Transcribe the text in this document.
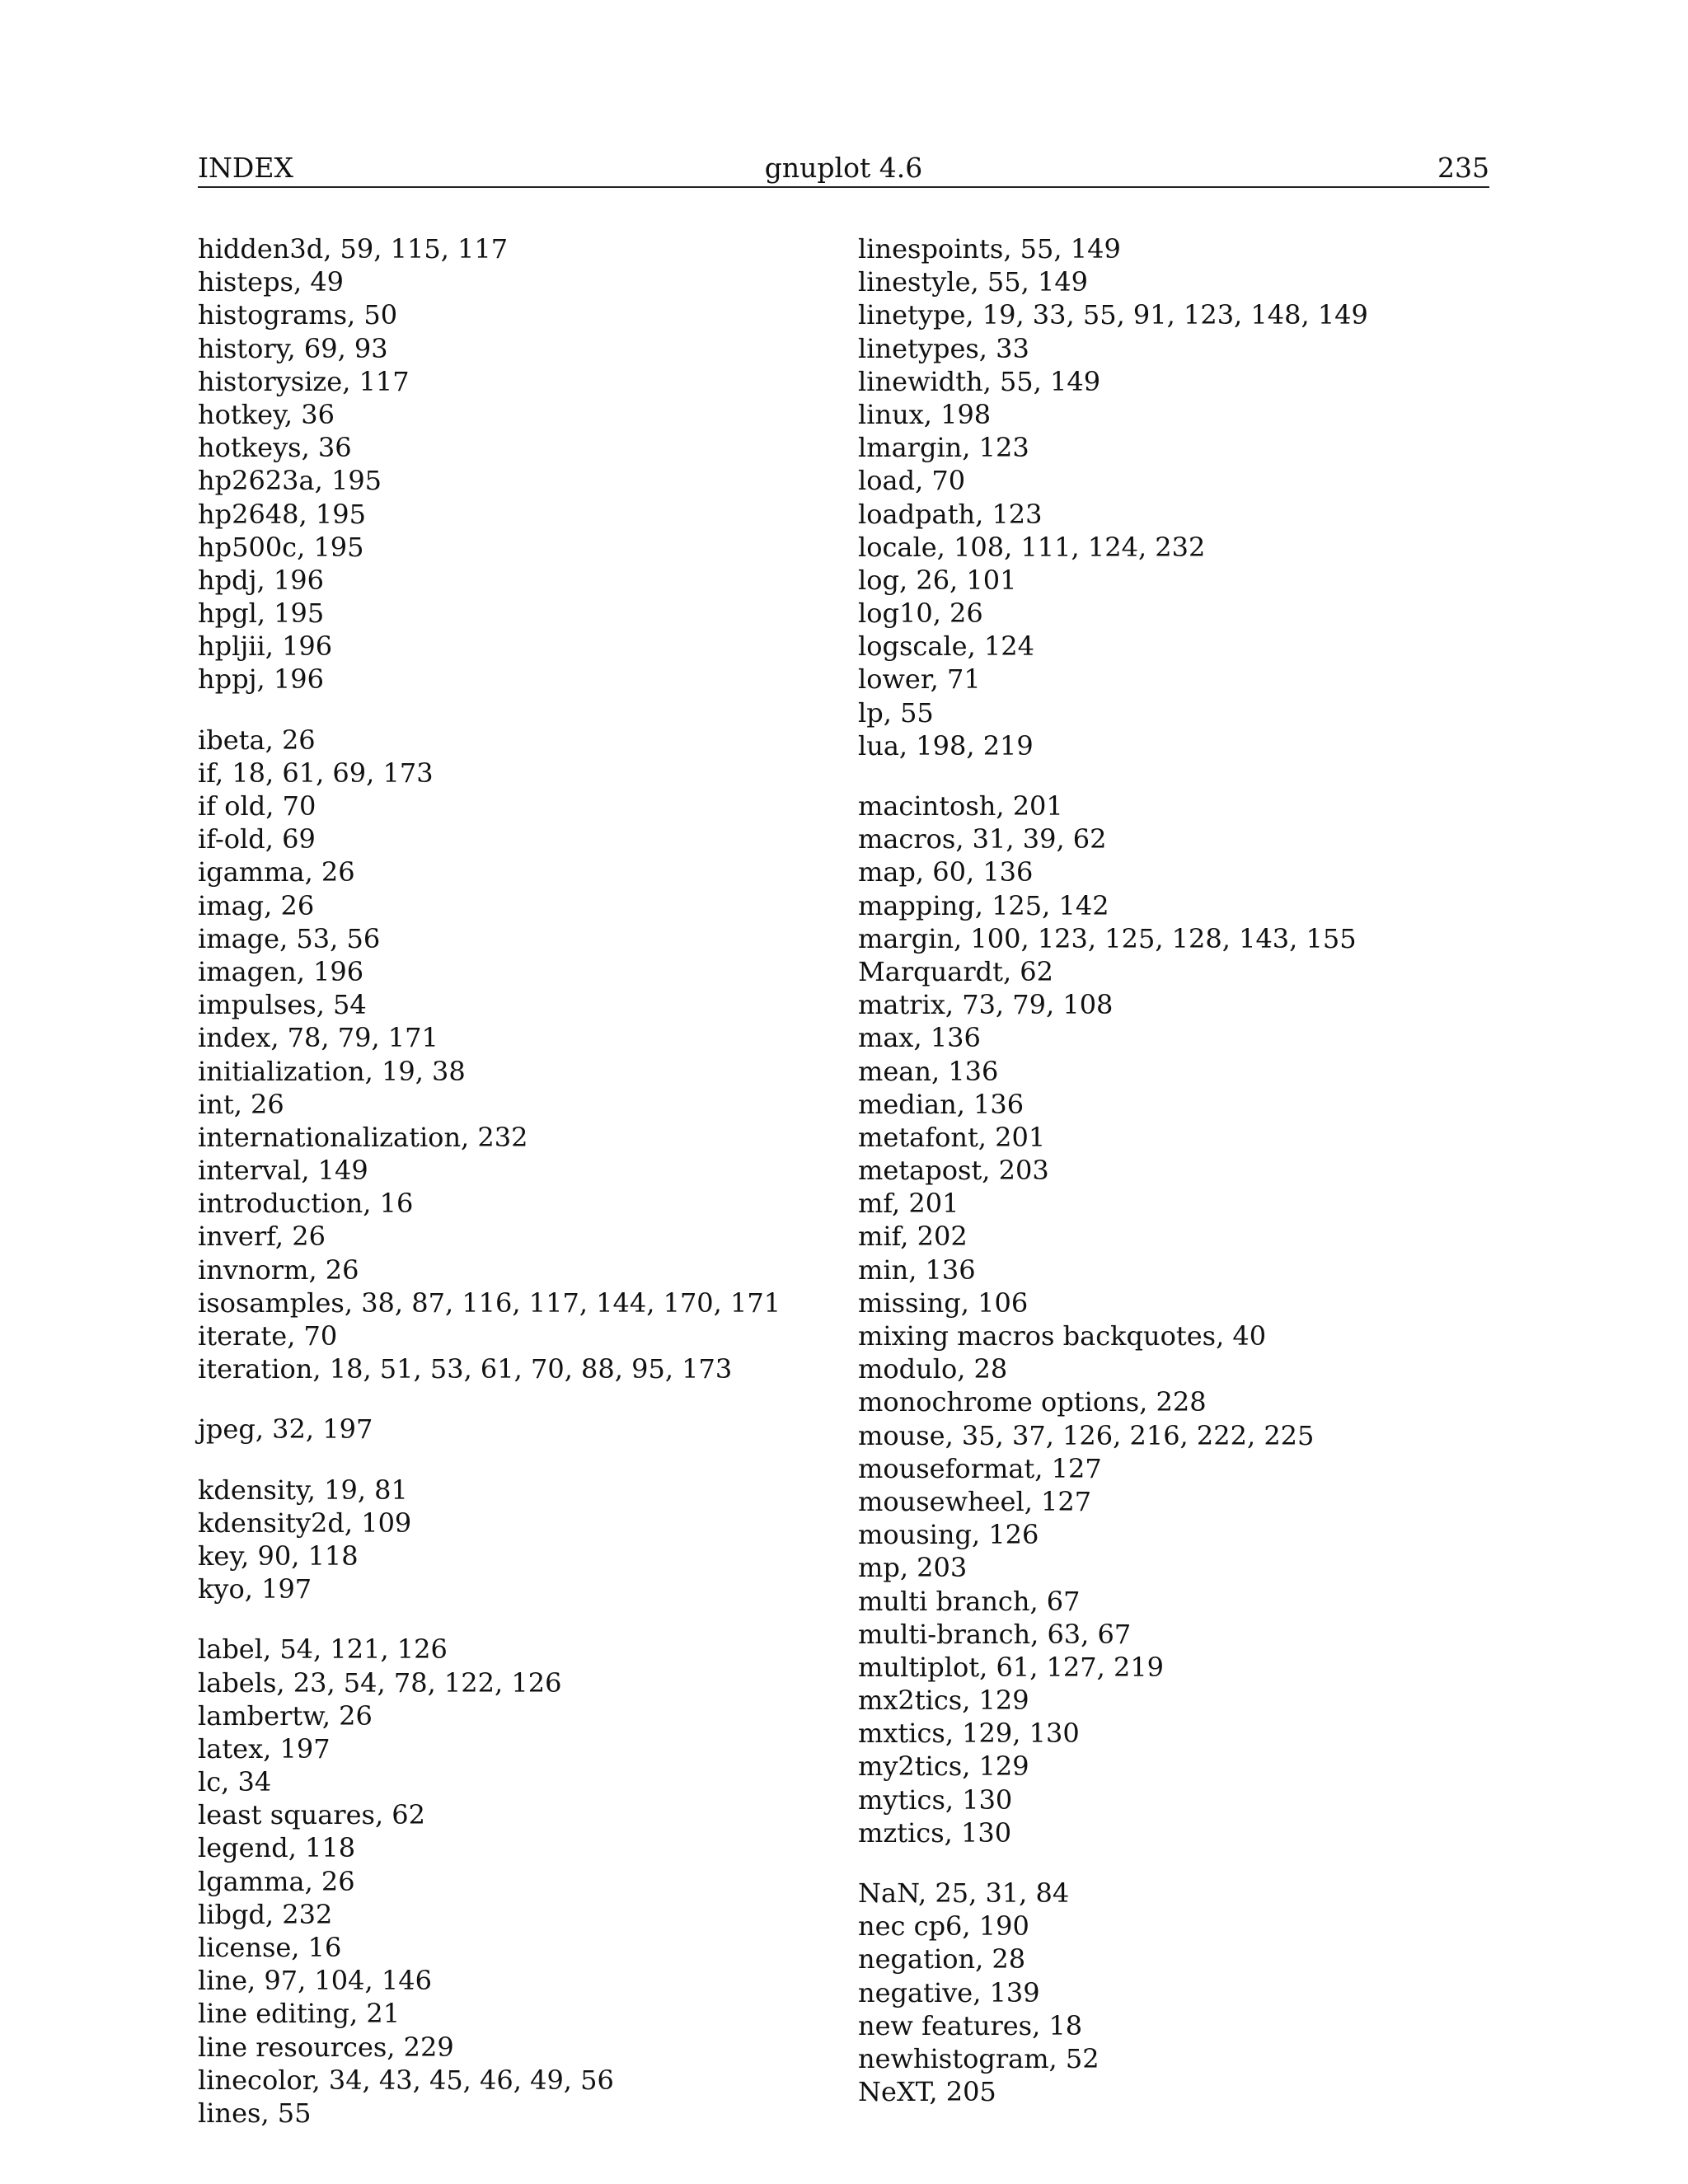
INDEX	gnuplot 4.6	235
hidden3d, 59, 115, 117
histeps, 49
histograms, 50
history, 69, 93
historysize, 117
hotkey, 36
hotkeys, 36
hp2623a, 195
hp2648, 195
hp500c, 195
hpdj, 196
hpgl, 195
hpljii, 196
hppj, 196
ibeta, 26
if, 18, 61, 69, 173
if old, 70
if-old, 69
igamma, 26
imag, 26
image, 53, 56
imagen, 196
impulses, 54
index, 78, 79, 171
initialization, 19, 38
int, 26
internationalization, 232
interval, 149
introduction, 16
inverf, 26
invnorm, 26
isosamples, 38, 87, 116, 117, 144, 170, 171
iterate, 70
iteration, 18, 51, 53, 61, 70, 88, 95, 173
jpeg, 32, 197
kdensity, 19, 81
kdensity2d, 109
key, 90, 118
kyo, 197
label, 54, 121, 126
labels, 23, 54, 78, 122, 126
lambertw, 26
latex, 197
lc, 34
least squares, 62
legend, 118
lgamma, 26
libgd, 232
license, 16
line, 97, 104, 146
line editing, 21
line resources, 229
linecolor, 34, 43, 45, 46, 49, 56
lines, 55
linespoints, 55, 149
linestyle, 55, 149
linetype, 19, 33, 55, 91, 123, 148, 149
linetypes, 33
linewidth, 55, 149
linux, 198
lmargin, 123
load, 70
loadpath, 123
locale, 108, 111, 124, 232
log, 26, 101
log10, 26
logscale, 124
lower, 71
lp, 55
lua, 198, 219
macintosh, 201
macros, 31, 39, 62
map, 60, 136
mapping, 125, 142
margin, 100, 123, 125, 128, 143, 155
Marquardt, 62
matrix, 73, 79, 108
max, 136
mean, 136
median, 136
metafont, 201
metapost, 203
mf, 201
mif, 202
min, 136
missing, 106
mixing macros backquotes, 40
modulo, 28
monochrome options, 228
mouse, 35, 37, 126, 216, 222, 225
mouseformat, 127
mousewheel, 127
mousing, 126
mp, 203
multi branch, 67
multi-branch, 63, 67
multiplot, 61, 127, 219
mx2tics, 129
mxtics, 129, 130
my2tics, 129
mytics, 130
mztics, 130
NaN, 25, 31, 84
nec cp6, 190
negation, 28
negative, 139
new features, 18
newhistogram, 52
NeXT, 205
